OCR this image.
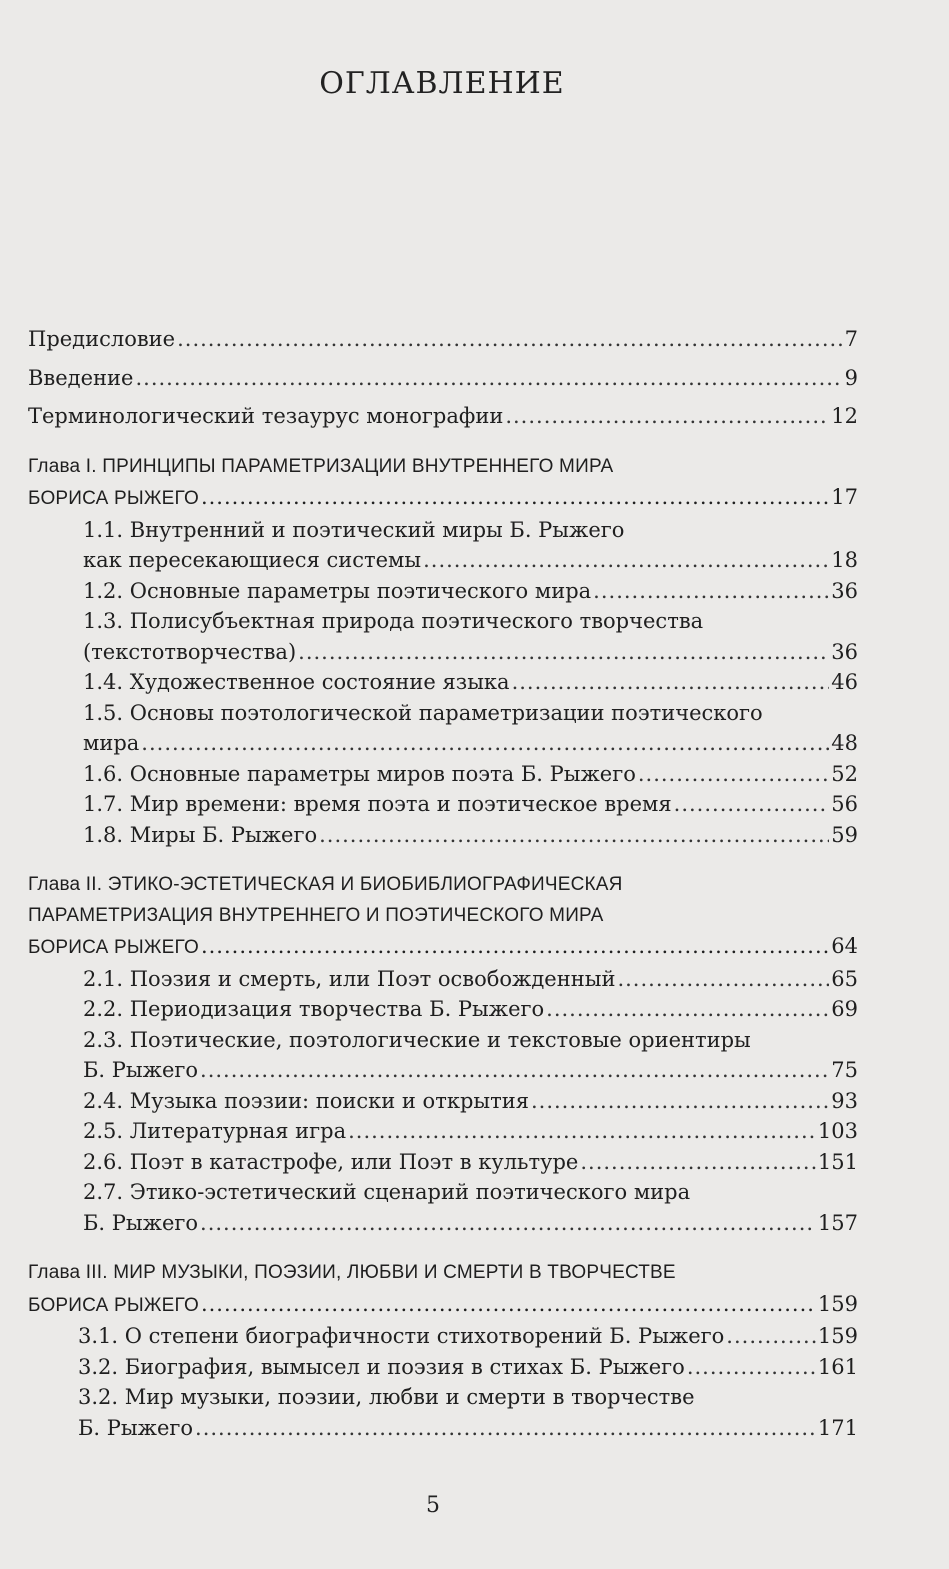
ОГЛАВЛЕНИЕ
Предисловие .....	7
Введение .....	9
Терминологический тезаурус монографии .....	12
Глава I. ПРИНЦИПЫ ПАРАМЕТРИЗАЦИИ ВНУТРЕННЕГО МИРА
БОРИСА РЫЖЕГО .....	17
1.1. Внутренний и поэтический миры Б. Рыжего
как пересекающиеся системы .....	18
1.2. Основные параметры поэтического мира .....	36
1.3. Полисубъектная природа поэтического творчества
(текстотворчества) .....	36
1.4. Художественное состояние языка .....	46
1.5. Основы поэтологической параметризации поэтического
мира .....	48
1.6. Основные параметры миров поэта Б. Рыжего .....	52
1.7. Мир времени: время поэта и поэтическое время .....	56
1.8. Миры Б. Рыжего .....	59
Глава II. ЭТИКО-ЭСТЕТИЧЕСКАЯ И БИОБИБЛИОГРАФИЧЕСКАЯ
ПАРАМЕТРИЗАЦИЯ ВНУТРЕННЕГО И ПОЭТИЧЕСКОГО МИРА
БОРИСА РЫЖЕГО .....	64
2.1. Поэзия и смерть, или Поэт освобожденный .....	65
2.2. Периодизация творчества Б. Рыжего .....	69
2.3. Поэтические, поэтологические и текстовые ориентиры
Б. Рыжего .....	75
2.4. Музыка поэзии: поиски и открытия .....	93
2.5. Литературная игра .....	103
2.6. Поэт в катастрофе, или Поэт в культуре .....	151
2.7. Этико-эстетический сценарий поэтического мира
Б. Рыжего .....	157
Глава III. МИР МУЗЫКИ, ПОЭЗИИ, ЛЮБВИ И СМЕРТИ В ТВОРЧЕСТВЕ
БОРИСА РЫЖЕГО .....	159
3.1. О степени биографичности стихотворений Б. Рыжего .....	159
3.2. Биография, вымысел и поэзия в стихах Б. Рыжего .....	161
3.2. Мир музыки, поэзии, любви и смерти в творчестве
Б. Рыжего .....	171
5
